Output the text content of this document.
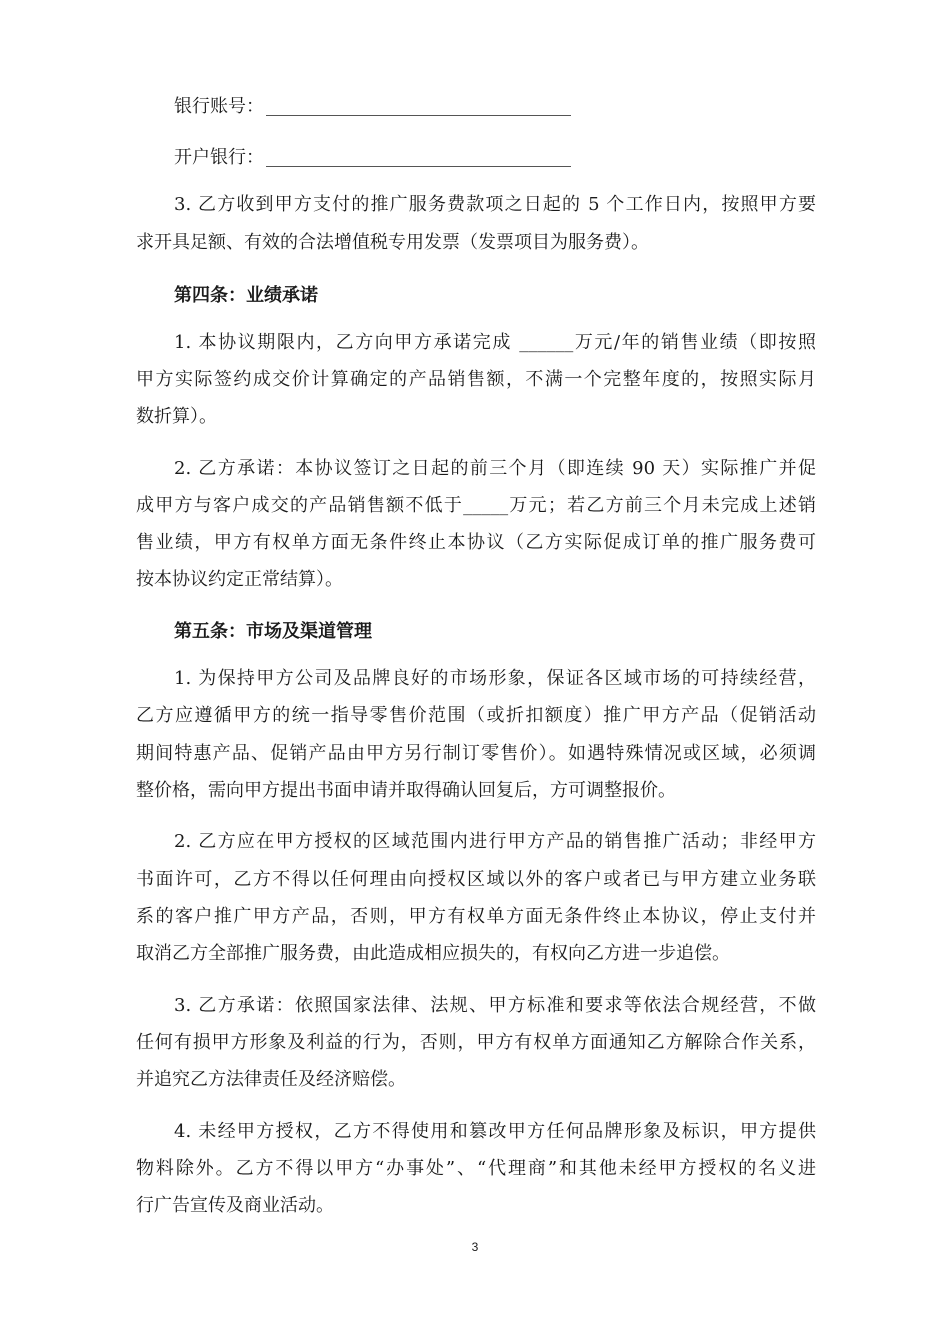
银行账号：
开户银行：
3. 乙方收到甲方支付的推广服务费款项之日起的 5 个工作日内，按照甲方要
求开具足额、有效的合法增值税专用发票（发票项目为服务费）。
第四条：业绩承诺
1. 本协议期限内，乙方向甲方承诺完成 ______万元/年的销售业绩（即按照
甲方实际签约成交价计算确定的产品销售额，不满一个完整年度的，按照实际月
数折算）。
2. 乙方承诺：本协议签订之日起的前三个月（即连续 90 天）实际推广并促
成甲方与客户成交的产品销售额不低于_____万元；若乙方前三个月未完成上述销
售业绩，甲方有权单方面无条件终止本协议（乙方实际促成订单的推广服务费可
按本协议约定正常结算）。
第五条：市场及渠道管理
1. 为保持甲方公司及品牌良好的市场形象，保证各区域市场的可持续经营，
乙方应遵循甲方的统一指导零售价范围（或折扣额度）推广甲方产品（促销活动
期间特惠产品、促销产品由甲方另行制订零售价）。如遇特殊情况或区域，必须调
整价格，需向甲方提出书面申请并取得确认回复后，方可调整报价。
2. 乙方应在甲方授权的区域范围内进行甲方产品的销售推广活动；非经甲方
书面许可，乙方不得以任何理由向授权区域以外的客户或者已与甲方建立业务联
系的客户推广甲方产品，否则，甲方有权单方面无条件终止本协议，停止支付并
取消乙方全部推广服务费，由此造成相应损失的，有权向乙方进一步追偿。
3. 乙方承诺：依照国家法律、法规、甲方标准和要求等依法合规经营，不做
任何有损甲方形象及利益的行为，否则，甲方有权单方面通知乙方解除合作关系，
并追究乙方法律责任及经济赔偿。
4. 未经甲方授权，乙方不得使用和篡改甲方任何品牌形象及标识，甲方提供
物料除外。乙方不得以甲方“办事处”、“代理商”和其他未经甲方授权的名义进
行广告宣传及商业活动。
3
